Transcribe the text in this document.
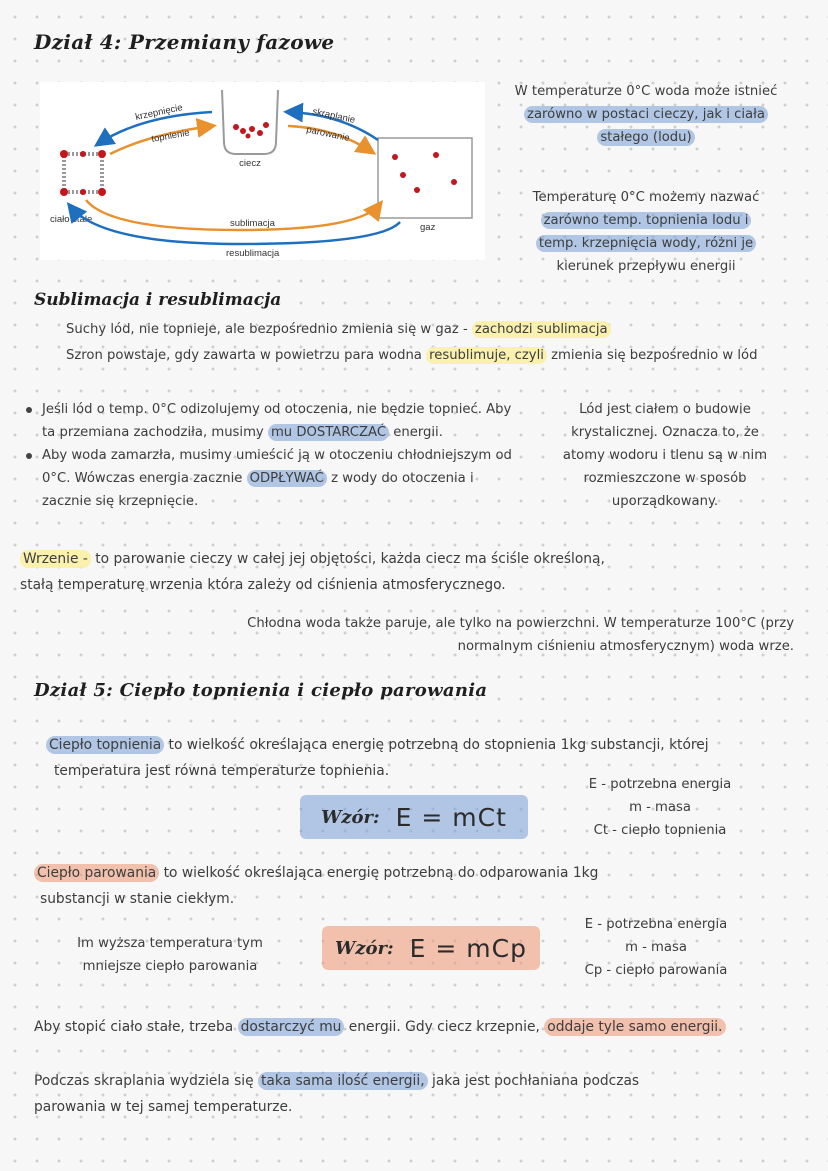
Dział 4: Przemiany fazowe
ciecz
ciało stałe
gaz
krzepnięcie
topnienie
skraplanie
parowanie
sublimacja
resublimacja
W temperaturze 0°C woda może istnieć
zarówno w postaci cieczy, jak i ciała
stałego (lodu)
Temperaturę 0°C możemy nazwać
zarówno temp. topnienia lodu i
temp. krzepnięcia wody, różni je
kierunek przepływu energii
Sublimacja i resublimacja
Suchy lód, nie topnieje, ale bezpośrednio zmienia się w gaz - zachodzi sublimacja
Szron powstaje, gdy zawarta w powietrzu para wodna resublimuje, czyli zmienia się bezpośrednio w lód
Jeśli lód o temp. 0°C odizolujemy od otoczenia, nie będzie topnieć. Aby ta przemiana zachodziła, musimy mu DOSTARCZAĆ energii.
Aby woda zamarzła, musimy umieścić ją w otoczeniu chłodniejszym od 0°C. Wówczas energia zacznie ODPŁYWAĆ z wody do otoczenia i zacznie się krzepnięcie.
Lód jest ciałem o budowie
krystalicznej. Oznacza to, że
atomy wodoru i tlenu są w nim
rozmieszczone w sposób
uporządkowany.
Wrzenie - to parowanie cieczy w całej jej objętości, każda ciecz ma ściśle określoną,
stałą temperaturę wrzenia która zależy od ciśnienia atmosferycznego.
Chłodna woda także paruje, ale tylko na powierzchni. W temperaturze 100°C (przy
normalnym ciśnieniu atmosferycznym) woda wrze.
Dział 5: Ciepło topnienia i ciepło parowania
Ciepło topnienia to wielkość określająca energię potrzebną do stopnienia 1kg substancji, której
temperatura jest równa temperaturze topnienia.
Wzór: E = mCt
E - potrzebna energia
m - masa
Ct - ciepło topnienia
Ciepło parowania to wielkość określająca energię potrzebną do odparowania 1kg
substancji w stanie ciekłym.
Im wyższa temperatura tym
mniejsze ciepło parowania
Wzór: E = mCp
E - potrzebna energia
m - masa
Cp - ciepło parowania
Aby stopić ciało stałe, trzeba dostarczyć mu energii. Gdy ciecz krzepnie, oddaje tyle samo energii.
Podczas skraplania wydziela się taka sama ilość energii, jaka jest pochłaniana podczas
parowania w tej samej temperaturze.
